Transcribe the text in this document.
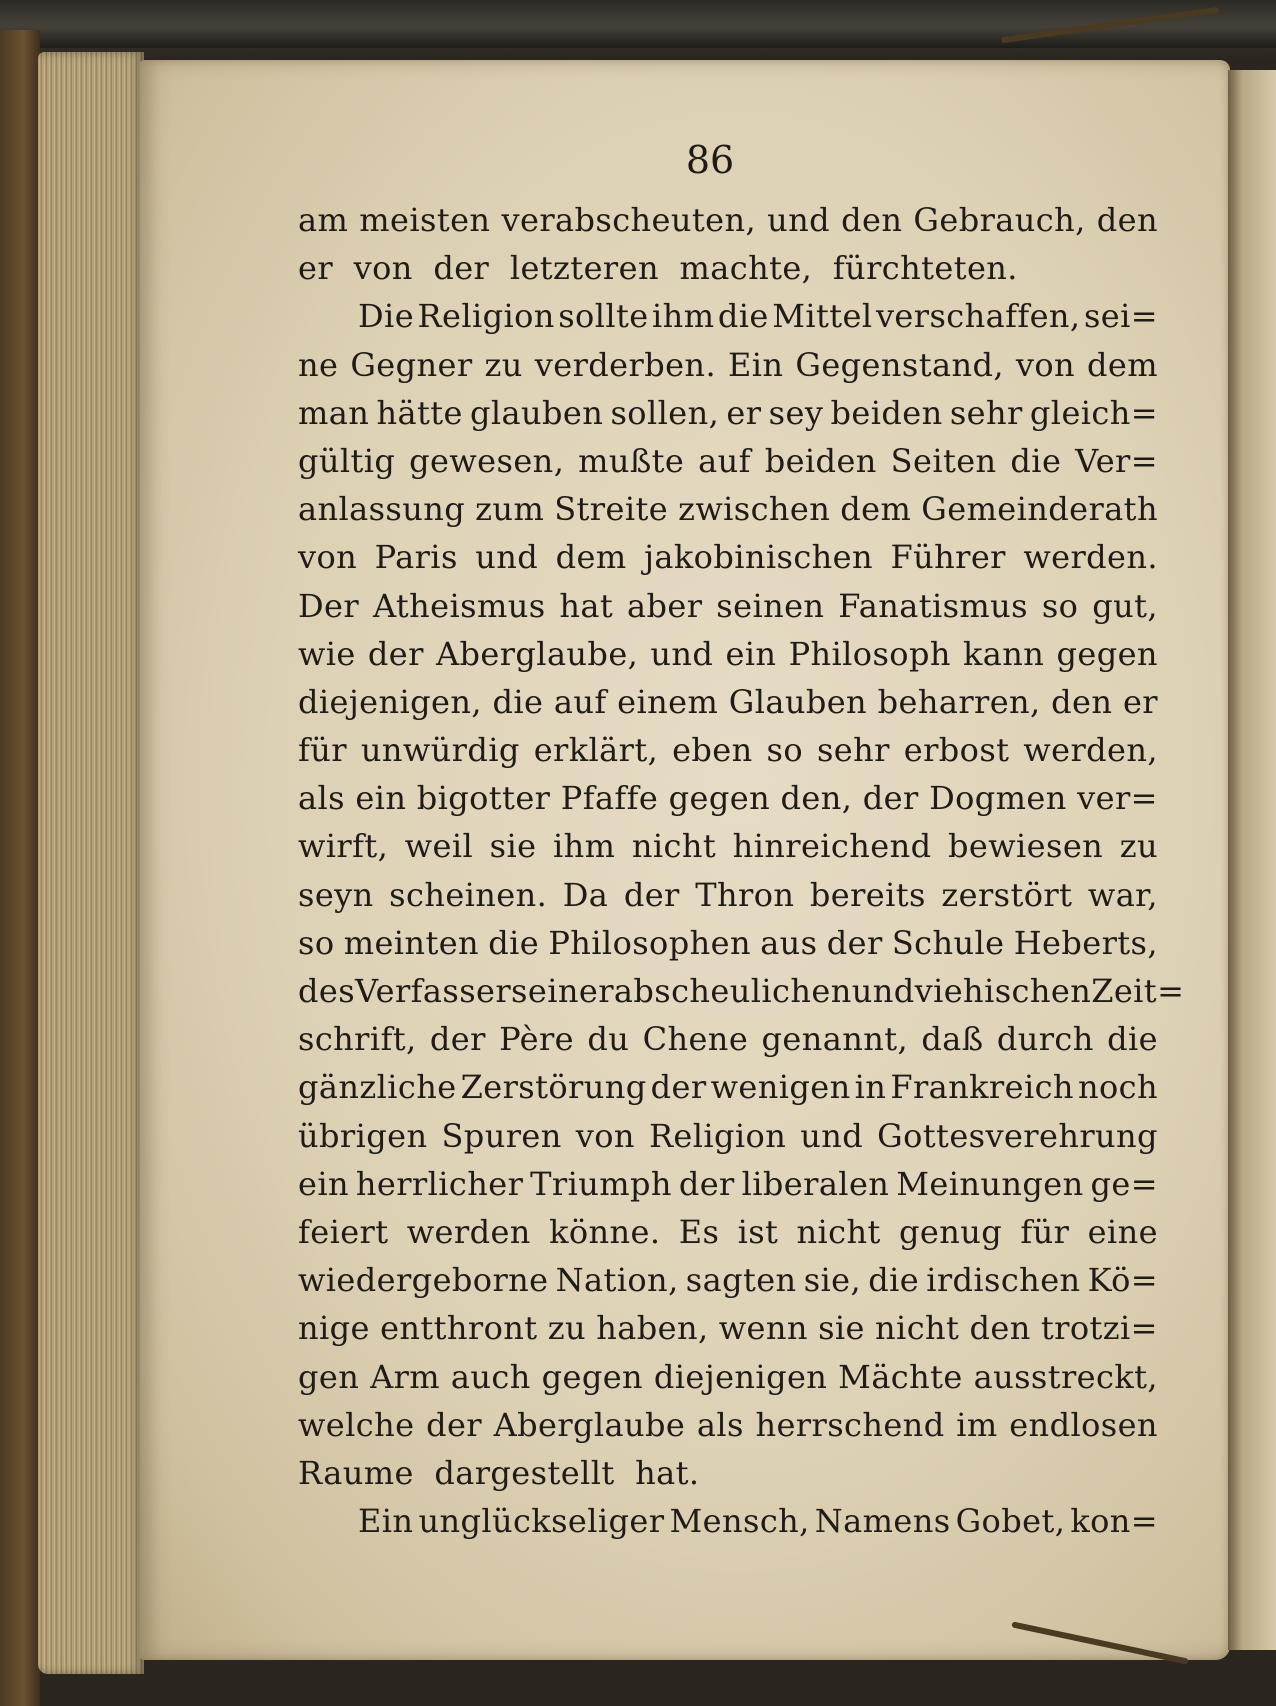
86
am meisten verabscheuten, und den Gebrauch, den
er von der letzteren machte, fürchteten.
Die Religion sollte ihm die Mittel verschaffen, sei=
ne Gegner zu verderben. Ein Gegenstand, von dem
man hätte glauben sollen, er sey beiden sehr gleich=
gültig gewesen, mußte auf beiden Seiten die Ver=
anlassung zum Streite zwischen dem Gemeinderath
von Paris und dem jakobinischen Führer werden.
Der Atheismus hat aber seinen Fanatismus so gut,
wie der Aberglaube, und ein Philosoph kann gegen
diejenigen, die auf einem Glauben beharren, den er
für unwürdig erklärt, eben so sehr erbost werden,
als ein bigotter Pfaffe gegen den, der Dogmen ver=
wirft, weil sie ihm nicht hinreichend bewiesen zu
seyn scheinen. Da der Thron bereits zerstört war,
so meinten die Philosophen aus der Schule Heberts,
des Verfassers einer abscheulichen und viehischen Zeit=
schrift, der Père du Chene genannt, daß durch die
gänzliche Zerstörung der wenigen in Frankreich noch
übrigen Spuren von Religion und Gottesverehrung
ein herrlicher Triumph der liberalen Meinungen ge=
feiert werden könne. Es ist nicht genug für eine
wiedergeborne Nation, sagten sie, die irdischen Kö=
nige entthront zu haben, wenn sie nicht den trotzi=
gen Arm auch gegen diejenigen Mächte ausstreckt,
welche der Aberglaube als herrschend im endlosen
Raume dargestellt hat.
Ein unglückseliger Mensch, Namens Gobet, kon=
